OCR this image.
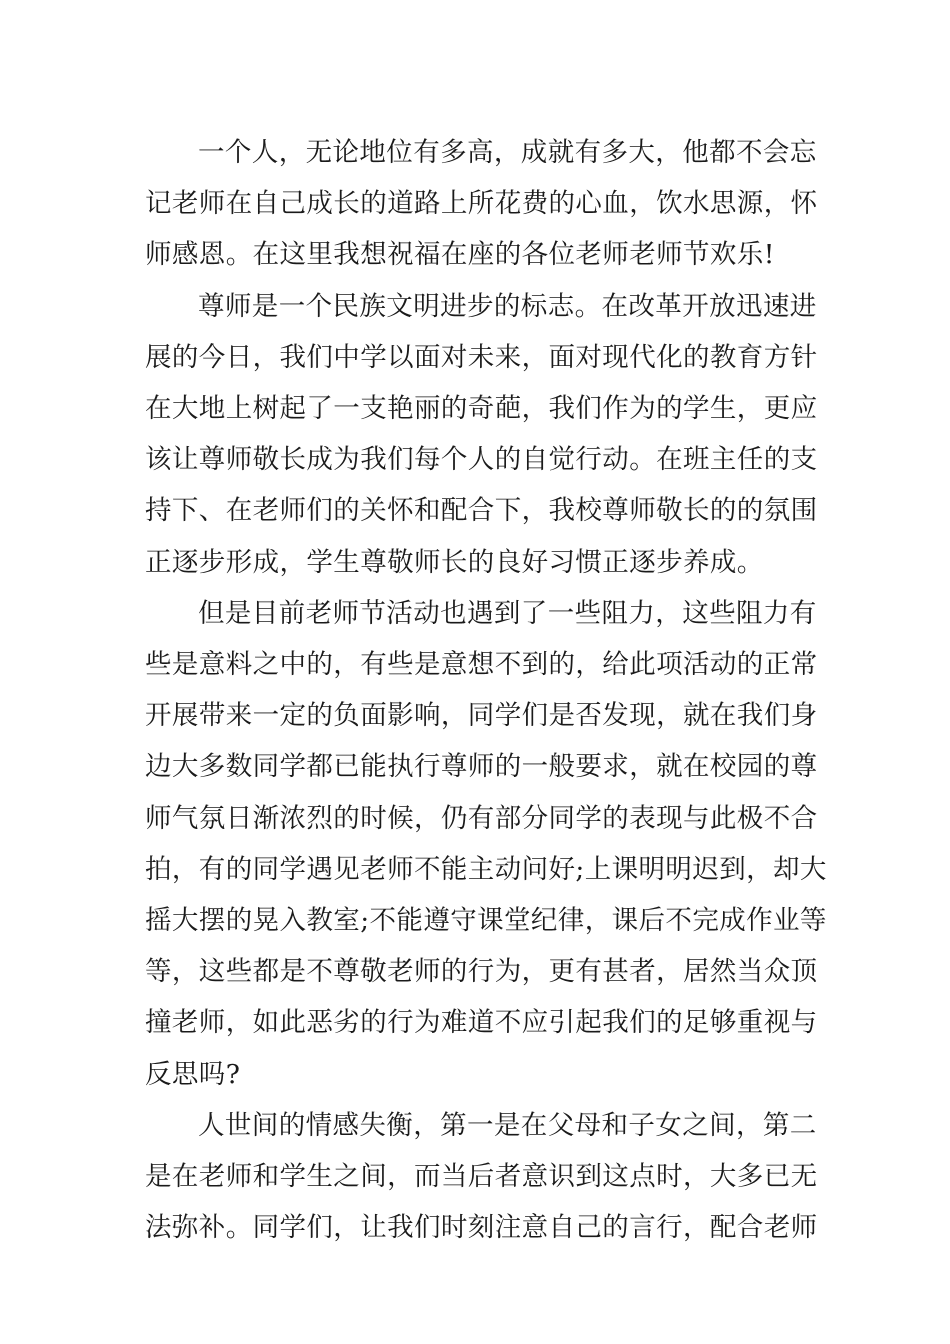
一个人，无论地位有多高，成就有多大，他都不会忘
记老师在自己成长的道路上所花费的心血，饮水思源，怀
师感恩。在这里我想祝福在座的各位老师老师节欢乐!

尊师是一个民族文明进步的标志。在改革开放迅速进
展的今日，我们中学以面对未来，面对现代化的教育方针
在大地上树起了一支艳丽的奇葩，我们作为的学生，更应
该让尊师敬长成为我们每个人的自觉行动。在班主任的支
持下、在老师们的关怀和配合下，我校尊师敬长的的氛围
正逐步形成，学生尊敬师长的良好习惯正逐步养成。

但是目前老师节活动也遇到了一些阻力，这些阻力有
些是意料之中的，有些是意想不到的，给此项活动的正常
开展带来一定的负面影响，同学们是否发现，就在我们身
边大多数同学都已能执行尊师的一般要求，就在校园的尊
师气氛日渐浓烈的时候，仍有部分同学的表现与此极不合
拍，有的同学遇见老师不能主动问好;上课明明迟到，却大
摇大摆的晃入教室;不能遵守课堂纪律，课后不完成作业等
等，这些都是不尊敬老师的行为，更有甚者，居然当众顶
撞老师，如此恶劣的行为难道不应引起我们的足够重视与
反思吗?

人世间的情感失衡，第一是在父母和子女之间，第二
是在老师和学生之间，而当后者意识到这点时，大多已无
法弥补。同学们，让我们时刻注意自己的言行，配合老师
